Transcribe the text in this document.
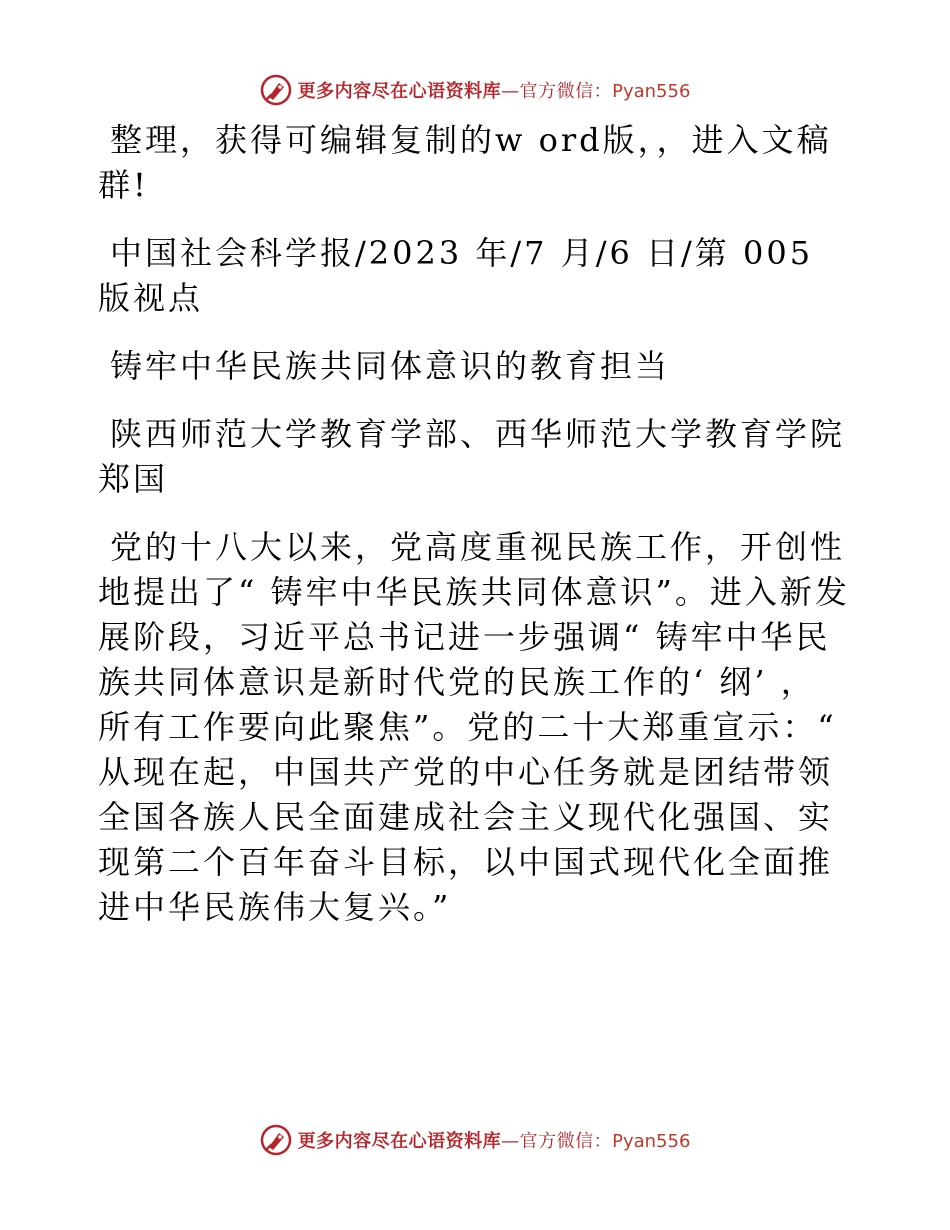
更多内容尽在心语资料库—官方微信：Pyan556

整理，获得可编辑复制的w ord版，，进入文稿群!

中国社会科学报/2023 年/7 月/6 日/第 005 版视点

铸牢中华民族共同体意识的教育担当

陕西师范大学教育学部、西华师范大学教育学院郑国

党的十八大以来，党高度重视民族工作，开创性地提出了“ 铸牢中华民族共同体意识”。进入新发展阶段，习近平总书记进一步强调“ 铸牢中华民族共同体意识是新时代党的民族工作的‘ 纲’ ，所有工作要向此聚焦”。党的二十大郑重宣示：“ 从现在起，中国共产党的中心任务就是团结带领全国各族人民全面建成社会主义现代化强国、实现第二个百年奋斗目标，以中国式现代化全面推进中华民族伟大复兴。”

更多内容尽在心语资料库—官方微信：Pyan556
